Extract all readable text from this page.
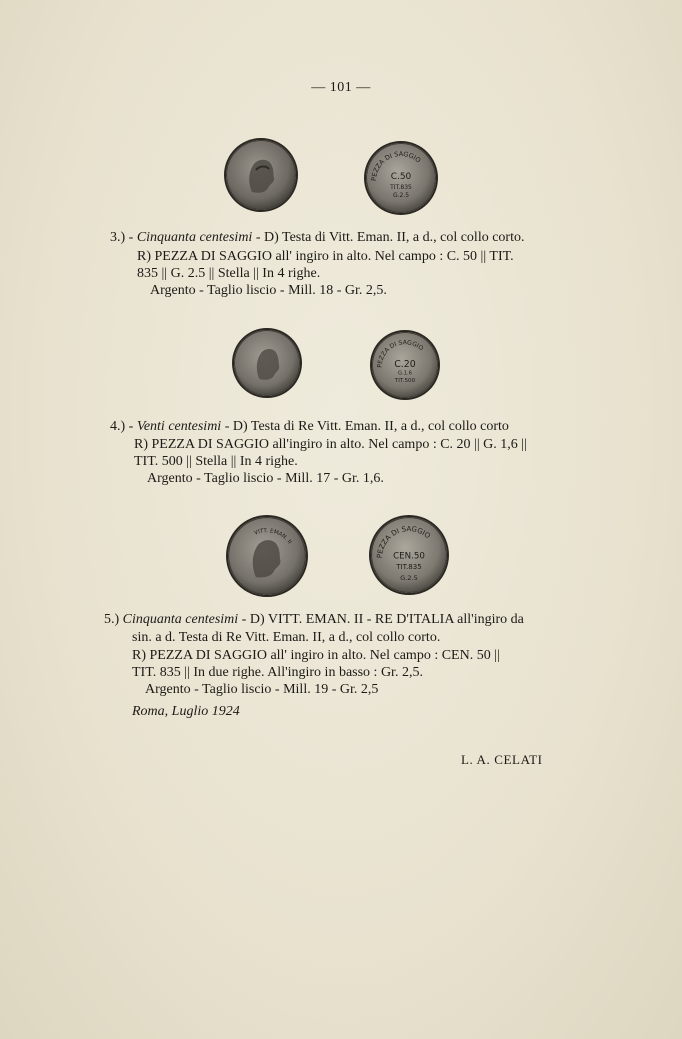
— 101 —
PEZZA DI SAGGIO
C.50
TIT.835
G.2.5
3.) - Cinquanta centesimi - D) Testa di Vitt. Eman. II, a d., col collo corto.
R) PEZZA DI SAGGIO all' ingiro in alto. Nel campo : C. 50 || TIT.
835 || G. 2.5 || Stella || In 4 righe.
Argento - Taglio liscio - Mill. 18 - Gr. 2,5.
PEZZA DI SAGGIO
C.20
G.1.6
TIT.500
4.) - Venti centesimi - D) Testa di Re Vitt. Eman. II, a d., col collo corto
R) PEZZA DI SAGGIO all'ingiro in alto. Nel campo : C. 20 || G. 1,6 ||
TIT. 500 || Stella || In 4 righe.
Argento - Taglio liscio - Mill. 17 - Gr. 1,6.
VITT. EMAN. II
PEZZA DI SAGGIO
CEN.50
TIT.835
G.2.5
5.) Cinquanta centesimi - D) VITT. EMAN. II - RE D'ITALIA all'ingiro da
sin. a d. Testa di Re Vitt. Eman. II, a d., col collo corto.
R) PEZZA DI SAGGIO all' ingiro in alto. Nel campo : CEN. 50 ||
TIT. 835 || In due righe. All'ingiro in basso : Gr. 2,5.
Argento - Taglio liscio - Mill. 19 - Gr. 2,5
Roma, Luglio 1924
L. A. CELATI
